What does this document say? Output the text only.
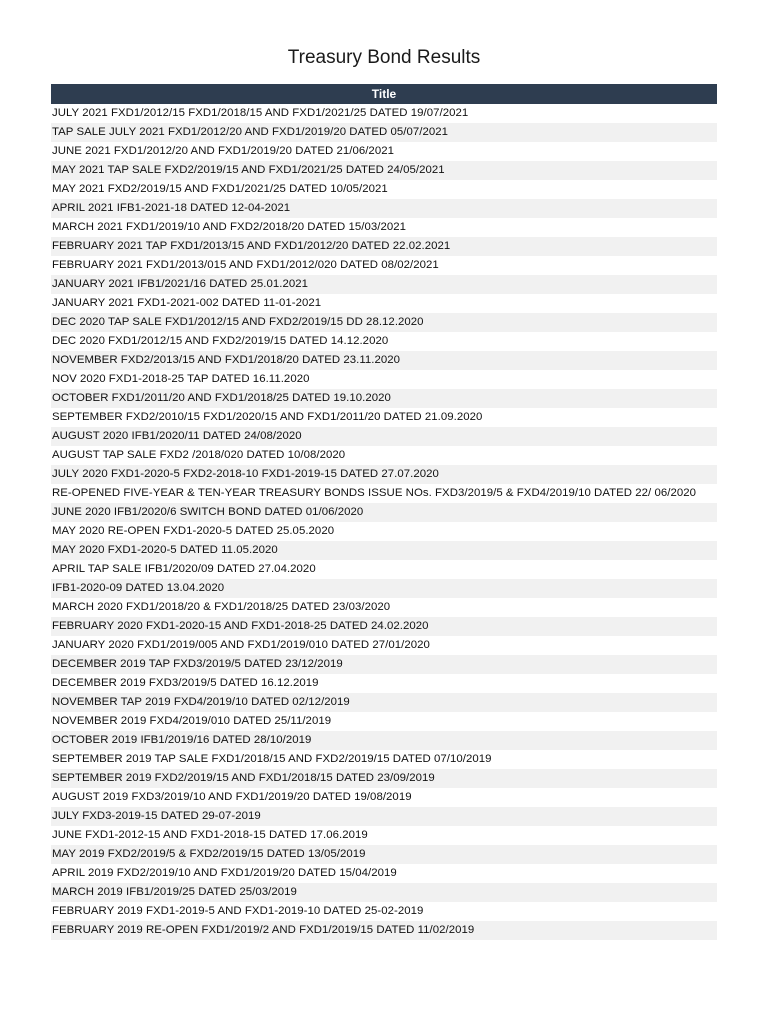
Treasury Bond Results
Title
JULY 2021 FXD1/2012/15 FXD1/2018/15 AND FXD1/2021/25 DATED 19/07/2021
TAP SALE JULY 2021 FXD1/2012/20 AND FXD1/2019/20 DATED 05/07/2021
JUNE 2021 FXD1/2012/20 AND FXD1/2019/20 DATED 21/06/2021
MAY 2021 TAP SALE FXD2/2019/15 AND FXD1/2021/25 DATED 24/05/2021
MAY 2021 FXD2/2019/15 AND FXD1/2021/25 DATED 10/05/2021
APRIL 2021 IFB1-2021-18 DATED 12-04-2021
MARCH 2021 FXD1/2019/10 AND FXD2/2018/20 DATED 15/03/2021
FEBRUARY 2021 TAP FXD1/2013/15 AND FXD1/2012/20 DATED 22.02.2021
FEBRUARY 2021 FXD1/2013/015 AND FXD1/2012/020 DATED 08/02/2021
JANUARY 2021 IFB1/2021/16 DATED 25.01.2021
JANUARY 2021 FXD1-2021-002 DATED 11-01-2021
DEC 2020 TAP SALE FXD1/2012/15 AND FXD2/2019/15 DD 28.12.2020
DEC 2020 FXD1/2012/15 AND FXD2/2019/15 DATED 14.12.2020
NOVEMBER FXD2/2013/15 AND FXD1/2018/20 DATED 23.11.2020
NOV 2020 FXD1-2018-25 TAP DATED 16.11.2020
OCTOBER FXD1/2011/20 AND FXD1/2018/25 DATED 19.10.2020
SEPTEMBER FXD2/2010/15 FXD1/2020/15 AND FXD1/2011/20 DATED 21.09.2020
AUGUST 2020 IFB1/2020/11 DATED 24/08/2020
AUGUST TAP SALE FXD2 /2018/020 DATED 10/08/2020
JULY 2020 FXD1-2020-5 FXD2-2018-10 FXD1-2019-15 DATED 27.07.2020
RE-OPENED FIVE-YEAR & TEN-YEAR TREASURY BONDS ISSUE NOs. FXD3/2019/5 & FXD4/2019/10 DATED 22/ 06/2020
JUNE 2020 IFB1/2020/6 SWITCH BOND DATED 01/06/2020
MAY 2020 RE-OPEN FXD1-2020-5 DATED 25.05.2020
MAY 2020 FXD1-2020-5 DATED 11.05.2020
APRIL TAP SALE IFB1/2020/09 DATED 27.04.2020
IFB1-2020-09 DATED 13.04.2020
MARCH 2020 FXD1/2018/20 & FXD1/2018/25 DATED 23/03/2020
FEBRUARY 2020 FXD1-2020-15 AND FXD1-2018-25 DATED 24.02.2020
JANUARY 2020 FXD1/2019/005 AND FXD1/2019/010 DATED 27/01/2020
DECEMBER 2019 TAP FXD3/2019/5 DATED 23/12/2019
DECEMBER 2019 FXD3/2019/5 DATED 16.12.2019
NOVEMBER TAP 2019 FXD4/2019/10 DATED 02/12/2019
NOVEMBER 2019 FXD4/2019/010 DATED 25/11/2019
OCTOBER 2019 IFB1/2019/16 DATED 28/10/2019
SEPTEMBER 2019 TAP SALE FXD1/2018/15 AND FXD2/2019/15 DATED 07/10/2019
SEPTEMBER 2019 FXD2/2019/15 AND FXD1/2018/15 DATED 23/09/2019
AUGUST 2019 FXD3/2019/10 AND FXD1/2019/20 DATED 19/08/2019
JULY FXD3-2019-15 DATED 29-07-2019
JUNE FXD1-2012-15 AND FXD1-2018-15 DATED 17.06.2019
MAY 2019 FXD2/2019/5 & FXD2/2019/15 DATED 13/05/2019
APRIL 2019 FXD2/2019/10 AND FXD1/2019/20 DATED 15/04/2019
MARCH 2019 IFB1/2019/25 DATED 25/03/2019
FEBRUARY 2019 FXD1-2019-5 AND FXD1-2019-10 DATED 25-02-2019
FEBRUARY 2019 RE-OPEN FXD1/2019/2 AND FXD1/2019/15 DATED 11/02/2019
